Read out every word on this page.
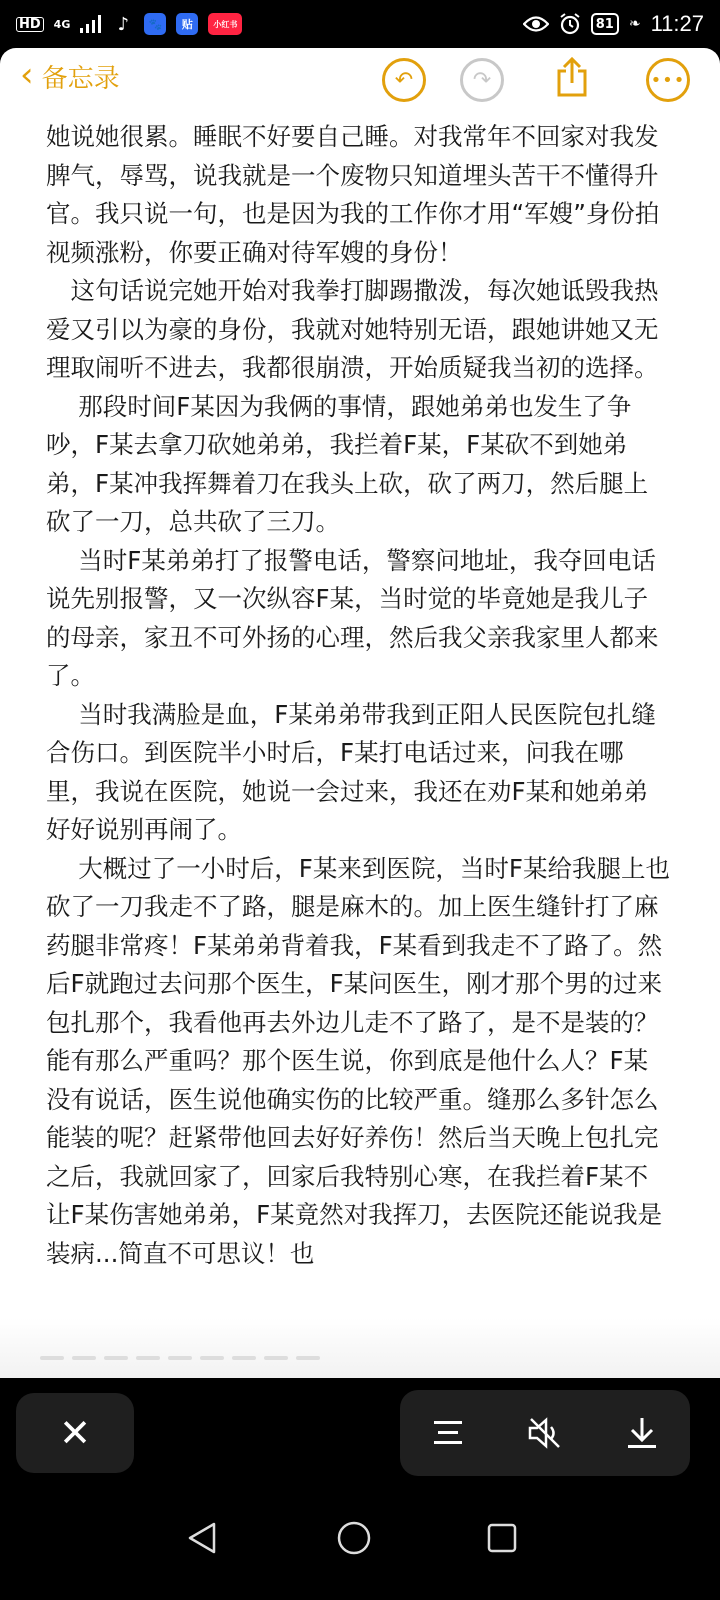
HD 4G	♪	🐾	贴	小红书	81	❧ 11:27
‹ 备忘录	↶	↷	•••
她说她很累。睡眠不好要自己睡。对我常年不回家对我发脾气，辱骂，说我就是一个废物只知道埋头苦干不懂得升官。我只说一句，也是因为我的工作你才用“军嫂”身份拍视频涨粉，你要正确对待军嫂的身份！
　这句话说完她开始对我拳打脚踢撒泼，每次她诋毁我热爱又引以为豪的身份，我就对她特别无语，跟她讲她又无理取闹听不进去，我都很崩溃，开始质疑我当初的选择。
　 那段时间F某因为我俩的事情，跟她弟弟也发生了争吵，F某去拿刀砍她弟弟，我拦着F某，F某砍不到她弟弟，F某冲我挥舞着刀在我头上砍，砍了两刀，然后腿上砍了一刀，总共砍了三刀。
　 当时F某弟弟打了报警电话，警察问地址，我夺回电话说先别报警，又一次纵容F某，当时觉的毕竟她是我儿子的母亲，家丑不可外扬的心理，然后我父亲我家里人都来了。
　 当时我满脸是血，F某弟弟带我到正阳人民医院包扎缝合伤口。到医院半小时后，F某打电话过来，问我在哪里，我说在医院，她说一会过来，我还在劝F某和她弟弟好好说别再闹了。
　 大概过了一小时后，F某来到医院，当时F某给我腿上也砍了一刀我走不了路，腿是麻木的。加上医生缝针打了麻药腿非常疼！F某弟弟背着我，F某看到我走不了路了。然后F就跑过去问那个医生，F某问医生，刚才那个男的过来包扎那个，我看他再去外边儿走不了路了，是不是装的？能有那么严重吗？那个医生说，你到底是他什么人？F某没有说话，医生说他确实伤的比较严重。缝那么多针怎么能装的呢？赶紧带他回去好好养伤！然后当天晚上包扎完之后，我就回家了，回家后我特别心寒，在我拦着F某不让F某伤害她弟弟，F某竟然对我挥刀，去医院还能说我是装病...简直不可思议！也
✕
